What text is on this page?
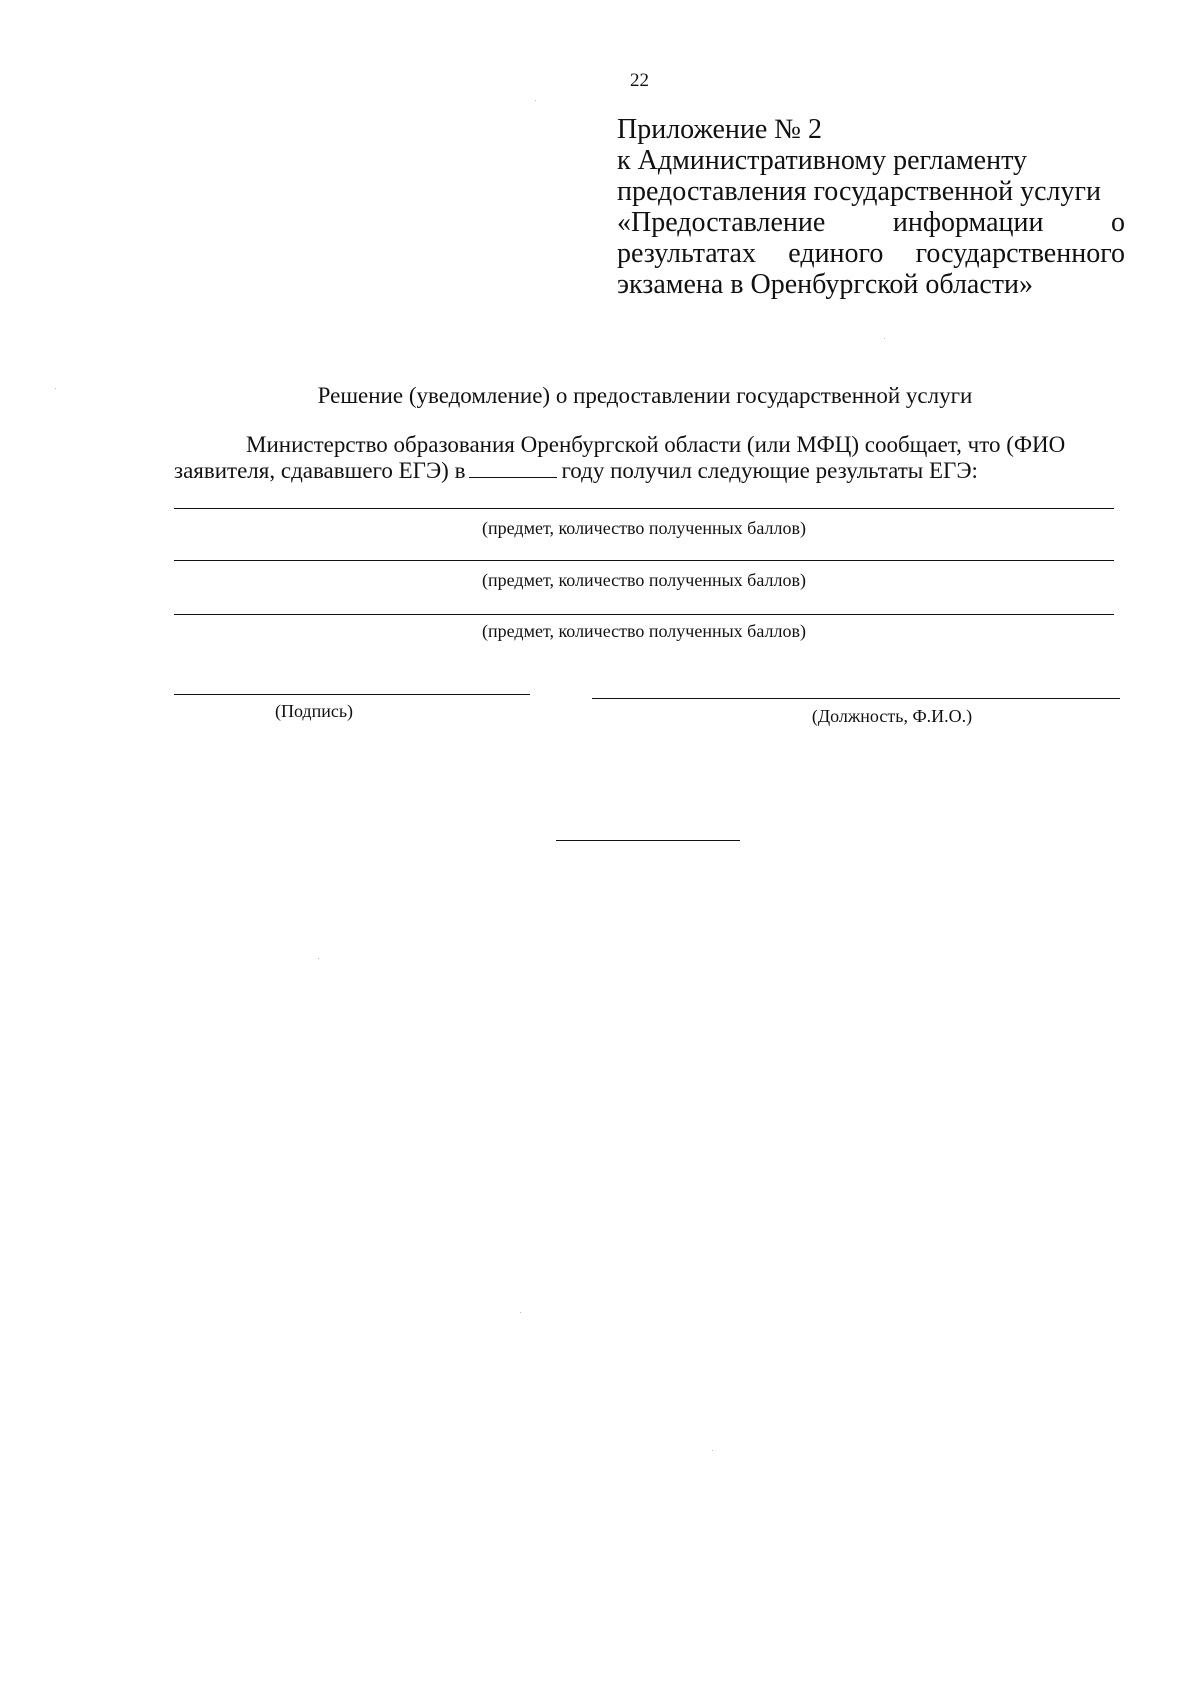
22
Приложение № 2
к Административному регламенту
предоставления государственной услуги
«Предоставление информации о
результатах единого государственного
экзамена в Оренбургской области»
Решение (уведомление) о предоставлении государственной услуги
Министерство образования Оренбургской области (или МФЦ) сообщает, что (ФИО
заявителя, сдававшего ЕГЭ) в	году получил следующие результаты ЕГЭ:
(предмет, количество полученных баллов)
(предмет, количество полученных баллов)
(предмет, количество полученных баллов)
(Подпись)	(Должность, Ф.И.О.)
